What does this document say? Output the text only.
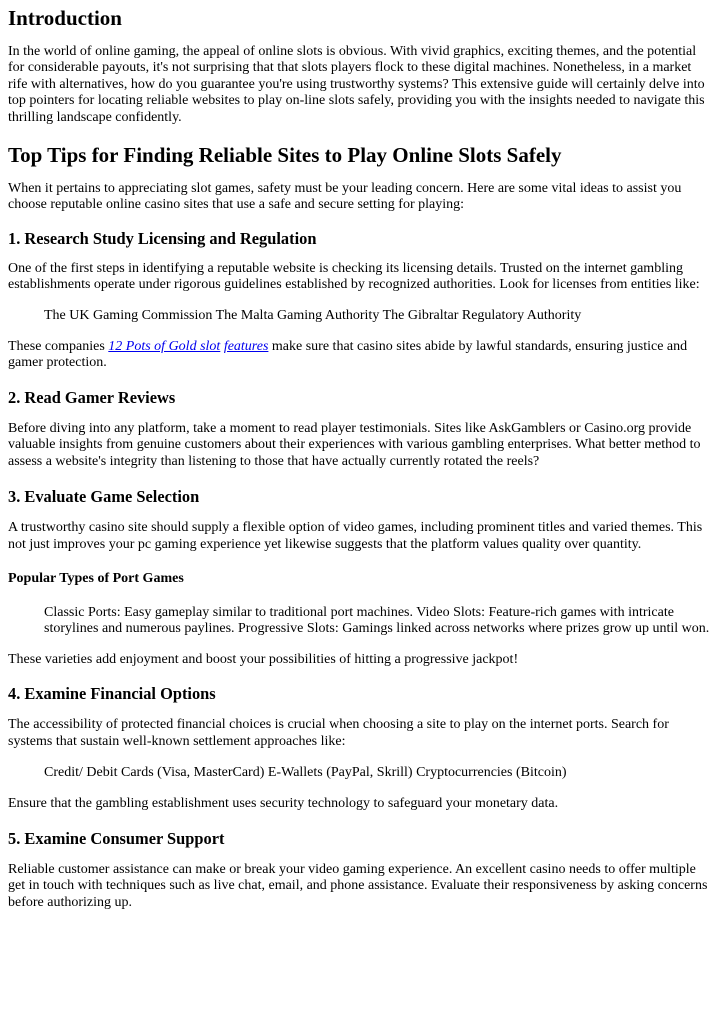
Introduction

In the world of online gaming, the appeal of online slots is obvious. With vivid graphics, exciting themes, and the potential for considerable payouts, it's not surprising that that slots players flock to these digital machines. Nonetheless, in a market rife with alternatives, how do you guarantee you're using trustworthy systems? This extensive guide will certainly delve into top pointers for locating reliable websites to play on-line slots safely, providing you with the insights needed to navigate this thrilling landscape confidently.

Top Tips for Finding Reliable Sites to Play Online Slots Safely

When it pertains to appreciating slot games, safety must be your leading concern. Here are some vital ideas to assist you choose reputable online casino sites that use a safe and secure setting for playing:

1. Research Study Licensing and Regulation

One of the first steps in identifying a reputable website is checking its licensing details. Trusted on the internet gambling establishments operate under rigorous guidelines established by recognized authorities. Look for licenses from entities like:

The UK Gaming Commission The Malta Gaming Authority The Gibraltar Regulatory Authority

These companies 12 Pots of Gold slot features make sure that casino sites abide by lawful standards, ensuring justice and gamer protection.

2. Read Gamer Reviews

Before diving into any platform, take a moment to read player testimonials. Sites like AskGamblers or Casino.org provide valuable insights from genuine customers about their experiences with various gambling enterprises. What better method to assess a website's integrity than listening to those that have actually currently rotated the reels?

3. Evaluate Game Selection

A trustworthy casino site should supply a flexible option of video games, including prominent titles and varied themes. This not just improves your pc gaming experience yet likewise suggests that the platform values quality over quantity.

Popular Types of Port Games
Classic Ports: Easy gameplay similar to traditional port machines. Video Slots: Feature-rich games with intricate storylines and numerous paylines. Progressive Slots: Gamings linked across networks where prizes grow up until won.

These varieties add enjoyment and boost your possibilities of hitting a progressive jackpot!

4. Examine Financial Options

The accessibility of protected financial choices is crucial when choosing a site to play on the internet ports. Search for systems that sustain well-known settlement approaches like:

Credit/ Debit Cards (Visa, MasterCard) E-Wallets (PayPal, Skrill) Cryptocurrencies (Bitcoin)

Ensure that the gambling establishment uses security technology to safeguard your monetary data.

5. Examine Consumer Support

Reliable customer assistance can make or break your video gaming experience. An excellent casino needs to offer multiple get in touch with techniques such as live chat, email, and phone assistance. Evaluate their responsiveness by asking concerns before authorizing up.
